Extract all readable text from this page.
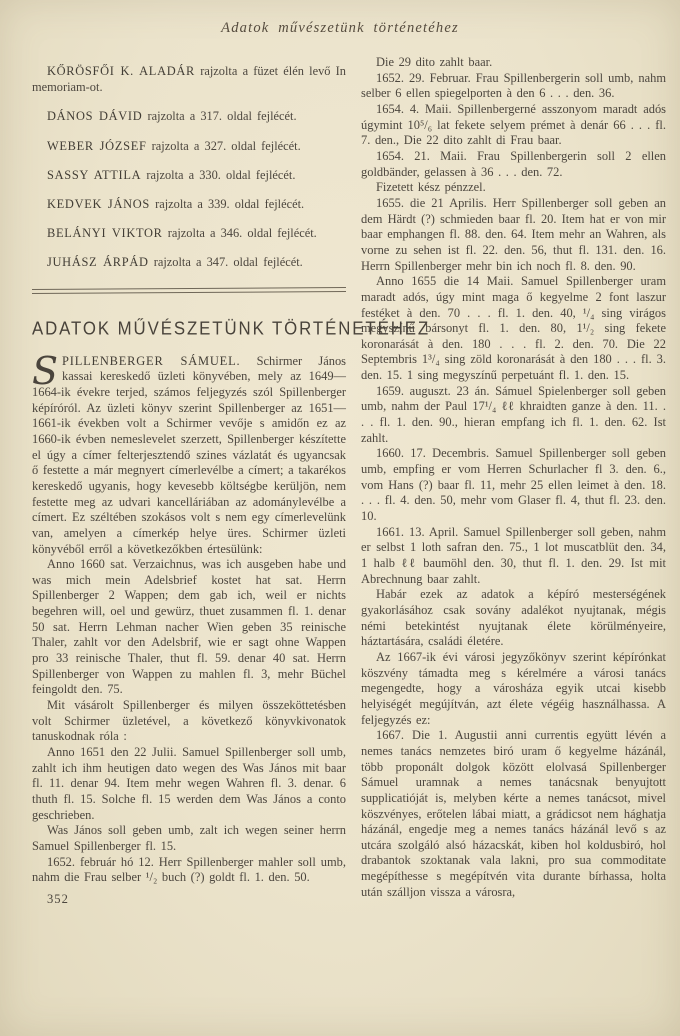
Adatok művészetünk történetéhez

KŐRÖSFŐI K. ALADÁR rajzolta a füzet élén levő In memoriam-ot.

DÁNOS DÁVID rajzolta a 317. oldal fejlécét.

WEBER JÓZSEF rajzolta a 327. oldal fejlécét.

SASSY ATTILA rajzolta a 330. oldal fejlécét.

KEDVEK JÁNOS rajzolta a 339. oldal fejlécét.

BELÁNYI VIKTOR rajzolta a 346. oldal fejlécét.

JUHÁSZ ÁRPÁD rajzolta a 347. oldal fejlécét.

ADATOK MŰVÉSZETÜNK TÖRTÉNETÉHEZ

SPILLENBERGER SÁMUEL. Schirmer János kassai kereskedő üzleti könyvében, mely az 1649—1664-ik évekre terjed, számos feljegyzés szól Spillenberger képíróról. Az üzleti könyv szerint Spillenberger az 1651—1661-ik években volt a Schirmer vevője s amidőn ez az 1660-ik évben nemeslevelet szerzett, Spillenberger készítette el úgy a címer felterjesztendő szines vázlatát és ugyancsak ő festette a már megnyert címerlevélbe a címert; a takarékos kereskedő ugyanis, hogy kevesebb költségbe kerüljön, nem festette meg az udvari kancelláriában az adománylevélbe a címert. Ez széltében szokásos volt s nem egy címerlevelünk van, amelyen a címerkép helye üres. Schirmer üzleti könyvéből erről a következőkben értesülünk:

Anno 1660 sat. Verzaichnus, was ich ausgeben habe und was mich mein Adelsbrief kostet hat sat. Herrn Spillenberger 2 Wappen; dem gab ich, weil er nichts begehren will, oel und gewürz, thuet zusammen fl. 1. denar 50 sat. Herrn Lehman nacher Wien geben 35 reinische Thaler, zahlt vor den Adelsbrif, wie er sagt ohne Wappen pro 33 reinische Thaler, thut fl. 59. denar 40 sat. Herrn Spillenberger von Wappen zu mahlen fl. 3, mehr Büchel feingoldt den. 75.

Mit vásárolt Spillenberger és milyen összeköttetésben volt Schirmer üzletével, a következő könyvkivonatok tanuskodnak róla :

Anno 1651 den 22 Julii. Samuel Spillenberger soll umb, zahlt ich ihm heutigen dato wegen des Was János mit baar fl. 11. denar 94. Item mehr wegen Wahren fl. 3. denar. 6 thuth fl. 15. Solche fl. 15 werden dem Was János a conto geschrieben.

Was János soll geben umb, zalt ich wegen seiner herrn Samuel Spillenberger fl. 15.

1652. február hó 12. Herr Spillenberger mahler soll umb, nahm die Frau selber ¹/₂ buch (?) goldt fl. 1. den. 50.

352

Die 29 dito zahlt baar.

1652. 29. Februar. Frau Spillenbergerin soll umb, nahm selber 6 ellen spiegelporten à den 6 . . . den. 36.

1654. 4. Maii. Spillenbergerné asszonyom maradt adós úgymint 10⁵/₆ lat fekete selyem prémet à denár 66 . . . fl. 7. den., Die 22 dito zahlt di Frau baar.

1654. 21. Maii. Frau Spillenbergerin soll 2 ellen goldbänder, gelassen à 36 . . . den. 72.

Fizetett kész pénzzel.

1655. die 21 Aprilis. Herr Spillenberger soll geben an dem Härdt (?) schmieden baar fl. 20. Item hat er von mir baar emphangen fl. 88. den. 64. Item mehr an Wahren, als vorne zu sehen ist fl. 22. den. 56, thut fl. 131. den. 16. Herrn Spillenberger mehr bin ich noch fl. 8. den. 90.

Anno 1655 die 14 Maii. Samuel Spillenberger uram maradt adós, úgy mint maga ő kegyelme 2 font laszur festéket à den. 70 . . . fl. 1. den. 40, ¹/₄ sing virágos megyszínű bársonyt fl. 1. den. 80, 1¹/₂ sing fekete koronarását à den. 180 . . . fl. 2. den. 70. Die 22 Septembris 1³/₄ sing zöld koronarását à den 180 . . . fl. 3. den. 15. 1 sing megyszínű perpetuánt fl. 1. den. 15.

1659. auguszt. 23 án. Sámuel Spielenberger soll geben umb, nahm der Paul 17¹/₄ ℓℓ khraidten ganze à den. 11. . . . fl. 1. den. 90., hieran empfang ich fl. 1. den. 62. Ist zahlt.

1660. 17. Decembris. Samuel Spillenberger soll geben umb, empfing er vom Herren Schurlacher fl 3. den. 6., vom Hans (?) baar fl. 11, mehr 25 ellen leimet à den. 18. . . . fl. 4. den. 50, mehr vom Glaser fl. 4, thut fl. 23. den. 10.

1661. 13. April. Samuel Spillenberger soll geben, nahm er selbst 1 loth safran den. 75., 1 lot muscatblüt den. 34, 1 halb ℓℓ baumöhl den. 30, thut fl. 1. den. 29. Ist mit Abrechnung baar zahlt.

Habár ezek az adatok a képíró mesterségének gyakorlásához csak sovány adalékot nyujtanak, mégis némi betekintést nyujtanak élete körülményeire, háztartására, családi életére.

Az 1667-ik évi városi jegyzőkönyv szerint képírónkat köszvény támadta meg s kérelmére a városi tanács megengedte, hogy a városháza egyik utcai kisebb helyiségét megújítván, azt élete végéig használhassa. A feljegyzés ez:

1667. Die 1. Augustii anni currentis együtt lévén a nemes tanács nemzetes biró uram ő kegyelme házánál, több proponált dolgok között elolvasá Spillenberger Sámuel uramnak a nemes tanácsnak benyujtott supplicatióját is, melyben kérte a nemes tanácsot, mivel köszvényes, erőtelen lábai miatt, a grádicsot nem hághatja házánál, engedje meg a nemes tanács házánál levő s az utcára szolgáló alsó házacskát, kiben hol koldusbiró, hol drabantok szoktanak vala lakni, pro sua commoditate megépíthesse s megépítvén vita durante bírhassa, holta után szálljon vissza a városra,
